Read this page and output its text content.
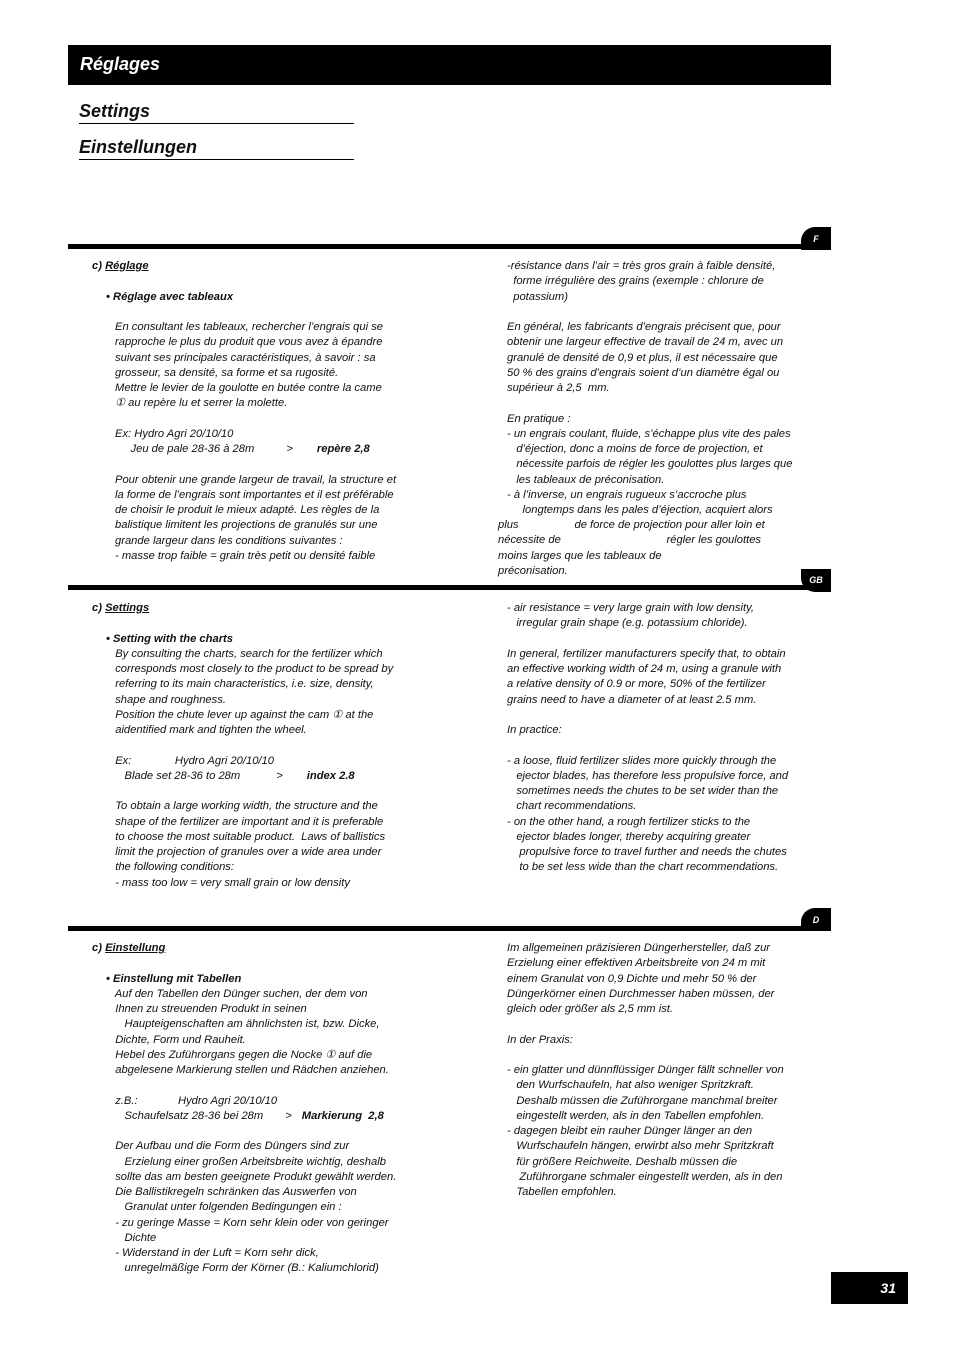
Réglages
Settings
Einstellungen
F
c) Réglage
• Réglage avec tableaux
En consultant les tableaux, rechercher l’engrais qui se
rapproche le plus du produit que vous avez à épandre
suivant ses principales caractéristiques, à savoir : sa
grosseur, sa densité, sa forme et sa rugosité.
Mettre le levier de la goulotte en butée contre la came
① au repère lu et serrer la molette.
Ex: Hydro Agri 20/10/10
Jeu de pale 28-36 à 28m	> repère 2,8
Pour obtenir une grande largeur de travail, la structure et
la forme de l’engrais sont importantes et il est préférable
de choisir le produit le mieux adapté. Les règles de la
balistique limitent les projections de granulés sur une
grande largeur dans les conditions suivantes :
- masse trop faible = grain très petit ou densité faible
-résistance dans l’air = très gros grain à faible densité,
forme irrégulière des grains (exemple : chlorure de
potassium)
En général, les fabricants d’engrais précisent que, pour
obtenir une largeur effective de travail de 24 m, avec un
granulé de densité de 0,9 et plus, il est nécessaire que
50 % des grains d’engrais soient d’un diamètre égal ou
supérieur à 2,5  mm.
En pratique :
- un engrais coulant, fluide, s’échappe plus vite des pales
d’éjection, donc a moins de force de projection, et
nécessite parfois de régler les goulottes plus larges que
les tableaux de préconisation.
- à l’inverse, un engrais rugueux s’accroche plus
longtemps dans les pales d’éjection, acquiert alors
plus                  de force de projection pour aller loin et
nécessite de                                  régler les goulottes
moins larges que les tableaux de
préconisation.
GB
c) Settings
• Setting with the charts
By consulting the charts, search for the fertilizer which
corresponds most closely to the product to be spread by
referring to its main characteristics, i.e. size, density,
shape and roughness.
Position the chute lever up against the cam ① at the
aidentified mark and tighten the wheel.
Ex:              Hydro Agri 20/10/10
Blade set 28-36 to 28m	> index 2.8
To obtain a large working width, the structure and the
shape of the fertilizer are important and it is preferable
to choose the most suitable product.  Laws of ballistics
limit the projection of granules over a wide area under
the following conditions:
- mass too low = very small grain or low density
- air resistance = very large grain with low density,
irregular grain shape (e.g. potassium chloride).
In general, fertilizer manufacturers specify that, to obtain
an effective working width of 24 m, using a granule with
a relative density of 0.9 or more, 50% of the fertilizer
grains need to have a diameter of at least 2.5 mm.
In practice:
- a loose, fluid fertilizer slides more quickly through the
ejector blades, has therefore less propulsive force, and
sometimes needs the chutes to be set wider than the
chart recommendations.
- on the other hand, a rough fertilizer sticks to the
ejector blades longer, thereby acquiring greater
propulsive force to travel further and needs the chutes
to be set less wide than the chart recommendations.
D
c) Einstellung
• Einstellung mit Tabellen
Auf den Tabellen den Dünger suchen, der dem von
Ihnen zu streuenden Produkt in seinen
Haupteigenschaften am ähnlichsten ist, bzw. Dicke,
Dichte, Form und Rauheit.
Hebel des Zuführorgans gegen die Nocke ① auf die
abgelesene Markierung stellen und Rädchen anziehen.
z.B.:             Hydro Agri 20/10/10
Schaufelsatz 28-36 bei 28m > Markierung  2,8
Der Aufbau und die Form des Düngers sind zur
Erzielung einer großen Arbeitsbreite wichtig, deshalb
sollte das am besten geeignete Produkt gewählt werden.
Die Ballistikregeln schränken das Auswerfen von
Granulat unter folgenden Bedingungen ein :
- zu geringe Masse = Korn sehr klein oder von geringer
Dichte
- Widerstand in der Luft = Korn sehr dick,
unregelmäßige Form der Körner (B.: Kaliumchlorid)
Im allgemeinen präzisieren Düngerhersteller, daß zur
Erzielung einer effektiven Arbeitsbreite von 24 m mit
einem Granulat von 0,9 Dichte und mehr 50 % der
Düngerkörner einen Durchmesser haben müssen, der
gleich oder größer als 2,5 mm ist.
In der Praxis:
- ein glatter und dünnflüssiger Dünger fällt schneller von
den Wurfschaufeln, hat also weniger Spritzkraft.
Deshalb müssen die Zuführorgane manchmal breiter
eingestellt werden, als in den Tabellen empfohlen.
- dagegen bleibt ein rauher Dünger länger an den
Wurfschaufeln hängen, erwirbt also mehr Spritzkraft
für größere Reichweite. Deshalb müssen die
Zuführorgane schmaler eingestellt werden, als in den
Tabellen empfohlen.
31
